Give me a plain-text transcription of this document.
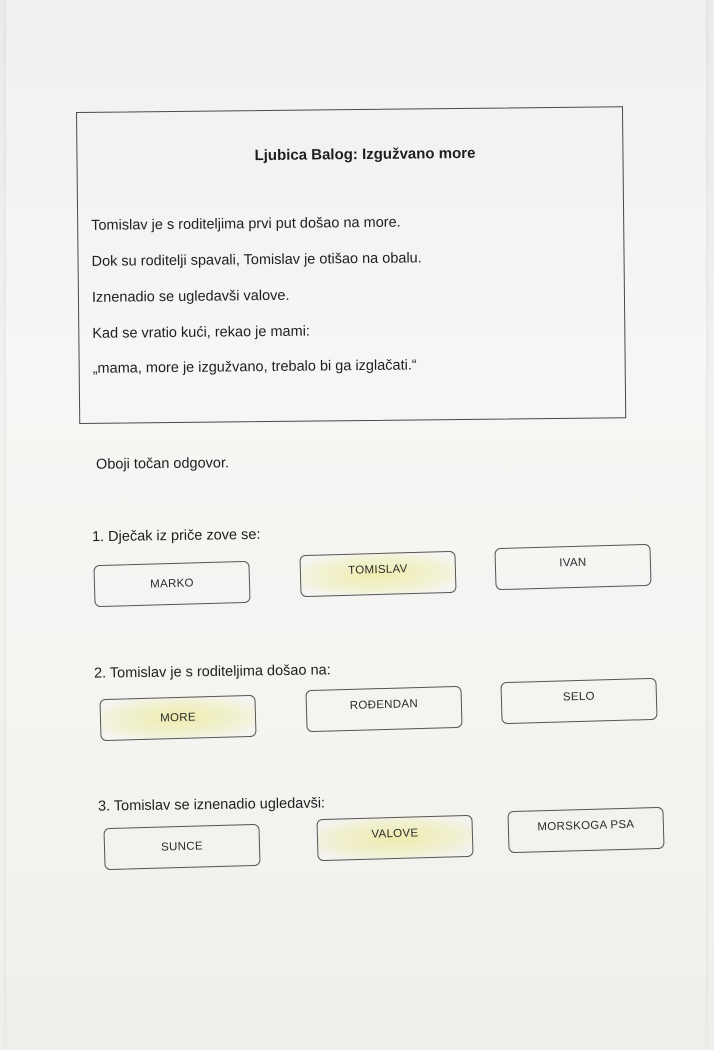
Ljubica Balog: Izgužvano more

Tomislav je s roditeljima prvi put došao na more.

Dok su roditelji spavali, Tomislav je otišao na obalu.

Iznenadio se ugledavši valove.

Kad se vratio kući, rekao je mami:

„mama, more je izgužvano, trebalo bi ga izglačati.“

Oboji točan odgovor.

1. Dječak iz priče zove se:

MARKO
TOMISLAV
IVAN

2. Tomislav je s roditeljima došao na:

MORE
ROĐENDAN
SELO

3. Tomislav se iznenadio ugledavši:

SUNCE
VALOVE
MORSKOGA PSA
